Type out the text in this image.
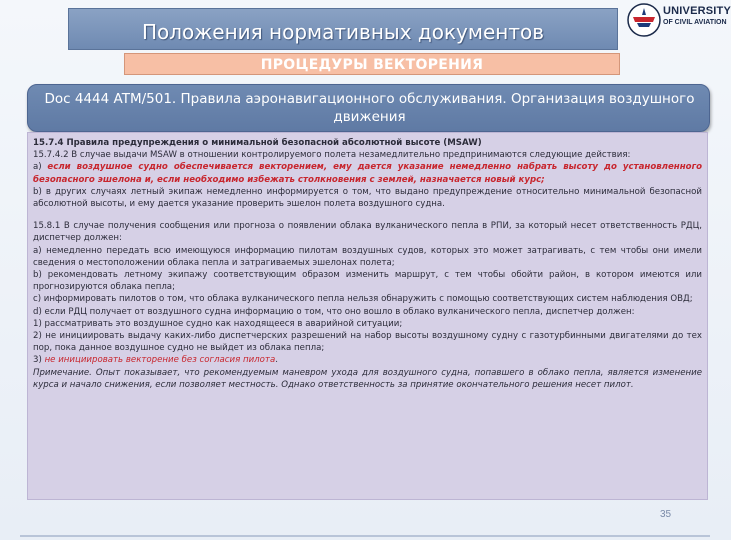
Положения нормативных документов
UNIVERSITY
OF CIVIL AVIATION
ПРОЦЕДУРЫ ВЕКТОРЕНИЯ
Doc 4444 ATM/501. Правила аэронавигационного обслуживания. Организация воздушного движения

15.7.4 Правила предупреждения о минимальной безопасной абсолютной высоте (MSAW)

15.7.4.2 В случае выдачи MSAW в отношении контролируемого полета незамедлительно предпринимаются следующие действия:

a) если воздушное судно обеспечивается векторением, ему дается указание немедленно набрать высоту до установленного безопасного эшелона и, если необходимо избежать столкновения с землей, назначается новый курс;

b) в других случаях летный экипаж немедленно информируется о том, что выдано предупреждение относительно минимальной безопасной абсолютной высоты, и ему дается указание проверить эшелон полета воздушного судна.

15.8.1 В случае получения сообщения или прогноза о появлении облака вулканического пепла в РПИ, за который несет ответственность РДЦ, диспетчер должен:

a) немедленно передать всю имеющуюся информацию пилотам воздушных судов, которых это может затрагивать, с тем чтобы они имели сведения о местоположении облака пепла и затрагиваемых эшелонах полета;

b) рекомендовать летному экипажу соответствующим образом изменить маршрут, с тем чтобы обойти район, в котором имеются или прогнозируются облака пепла;

c) информировать пилотов о том, что облака вулканического пепла нельзя обнаружить с помощью соответствующих систем наблюдения ОВД;

d) если РДЦ получает от воздушного судна информацию о том, что оно вошло в облако вулканического пепла, диспетчер должен:

1) рассматривать это воздушное судно как находящееся в аварийной ситуации;

2) не инициировать выдачу каких-либо диспетчерских разрешений на набор высоты воздушному судну с газотурбинными двигателями до тех пор, пока данное воздушное судно не выйдет из облака пепла;

3) не инициировать векторение без согласия пилота.

Примечание. Опыт показывает, что рекомендуемым маневром ухода для воздушного судна, попавшего в облако пепла, является изменение курса и начало снижения, если позволяет местность. Однако ответственность за принятие окончательного решения несет пилот.

35
